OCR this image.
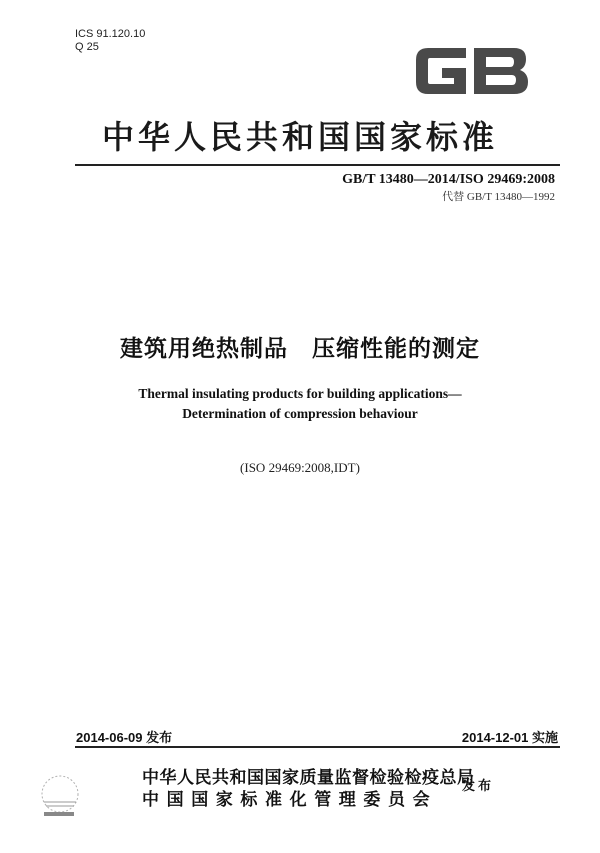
ICS 91.120.10
Q 25
中华人民共和国国家标准
GB/T 13480—2014/ISO 29469:2008
代替 GB/T 13480—1992
建筑用绝热制品　压缩性能的测定
Thermal insulating products for building applications—
Determination of compression behaviour
(ISO 29469:2008,IDT)
2014-06-09 发布	2014-12-01 实施
中华人民共和国国家质量监督检验检疫总局
中国国家标准化管理委员会
发布
